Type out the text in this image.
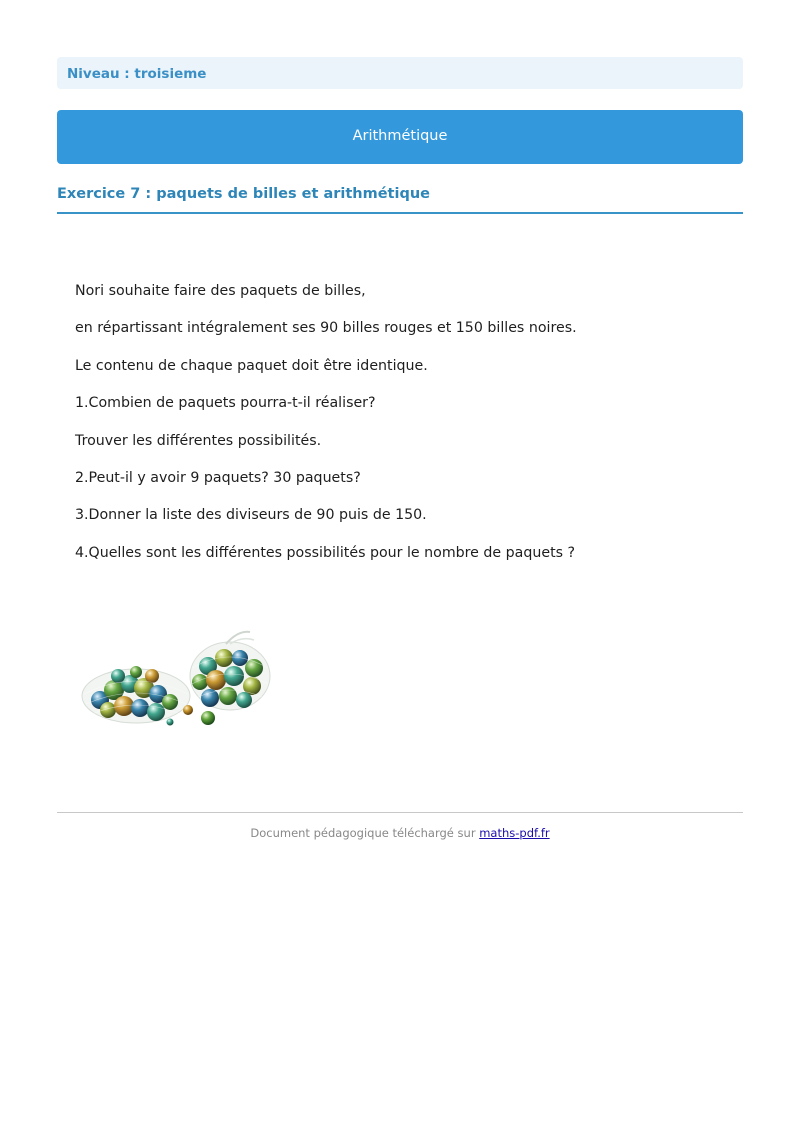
Niveau : troisieme
Arithmétique
Exercice 7 : paquets de billes et arithmétique
Nori souhaite faire des paquets de billes,
en répartissant intégralement ses 90 billes rouges et 150 billes noires.
Le contenu de chaque paquet doit être identique.
1.Combien de paquets pourra-t-il réaliser?
Trouver les différentes possibilités.
2.Peut-il y avoir 9 paquets? 30 paquets?
3.Donner la liste des diviseurs de 90 puis de 150.
4.Quelles sont les différentes possibilités pour le nombre de paquets ?
Document pédagogique téléchargé sur maths-pdf.fr
